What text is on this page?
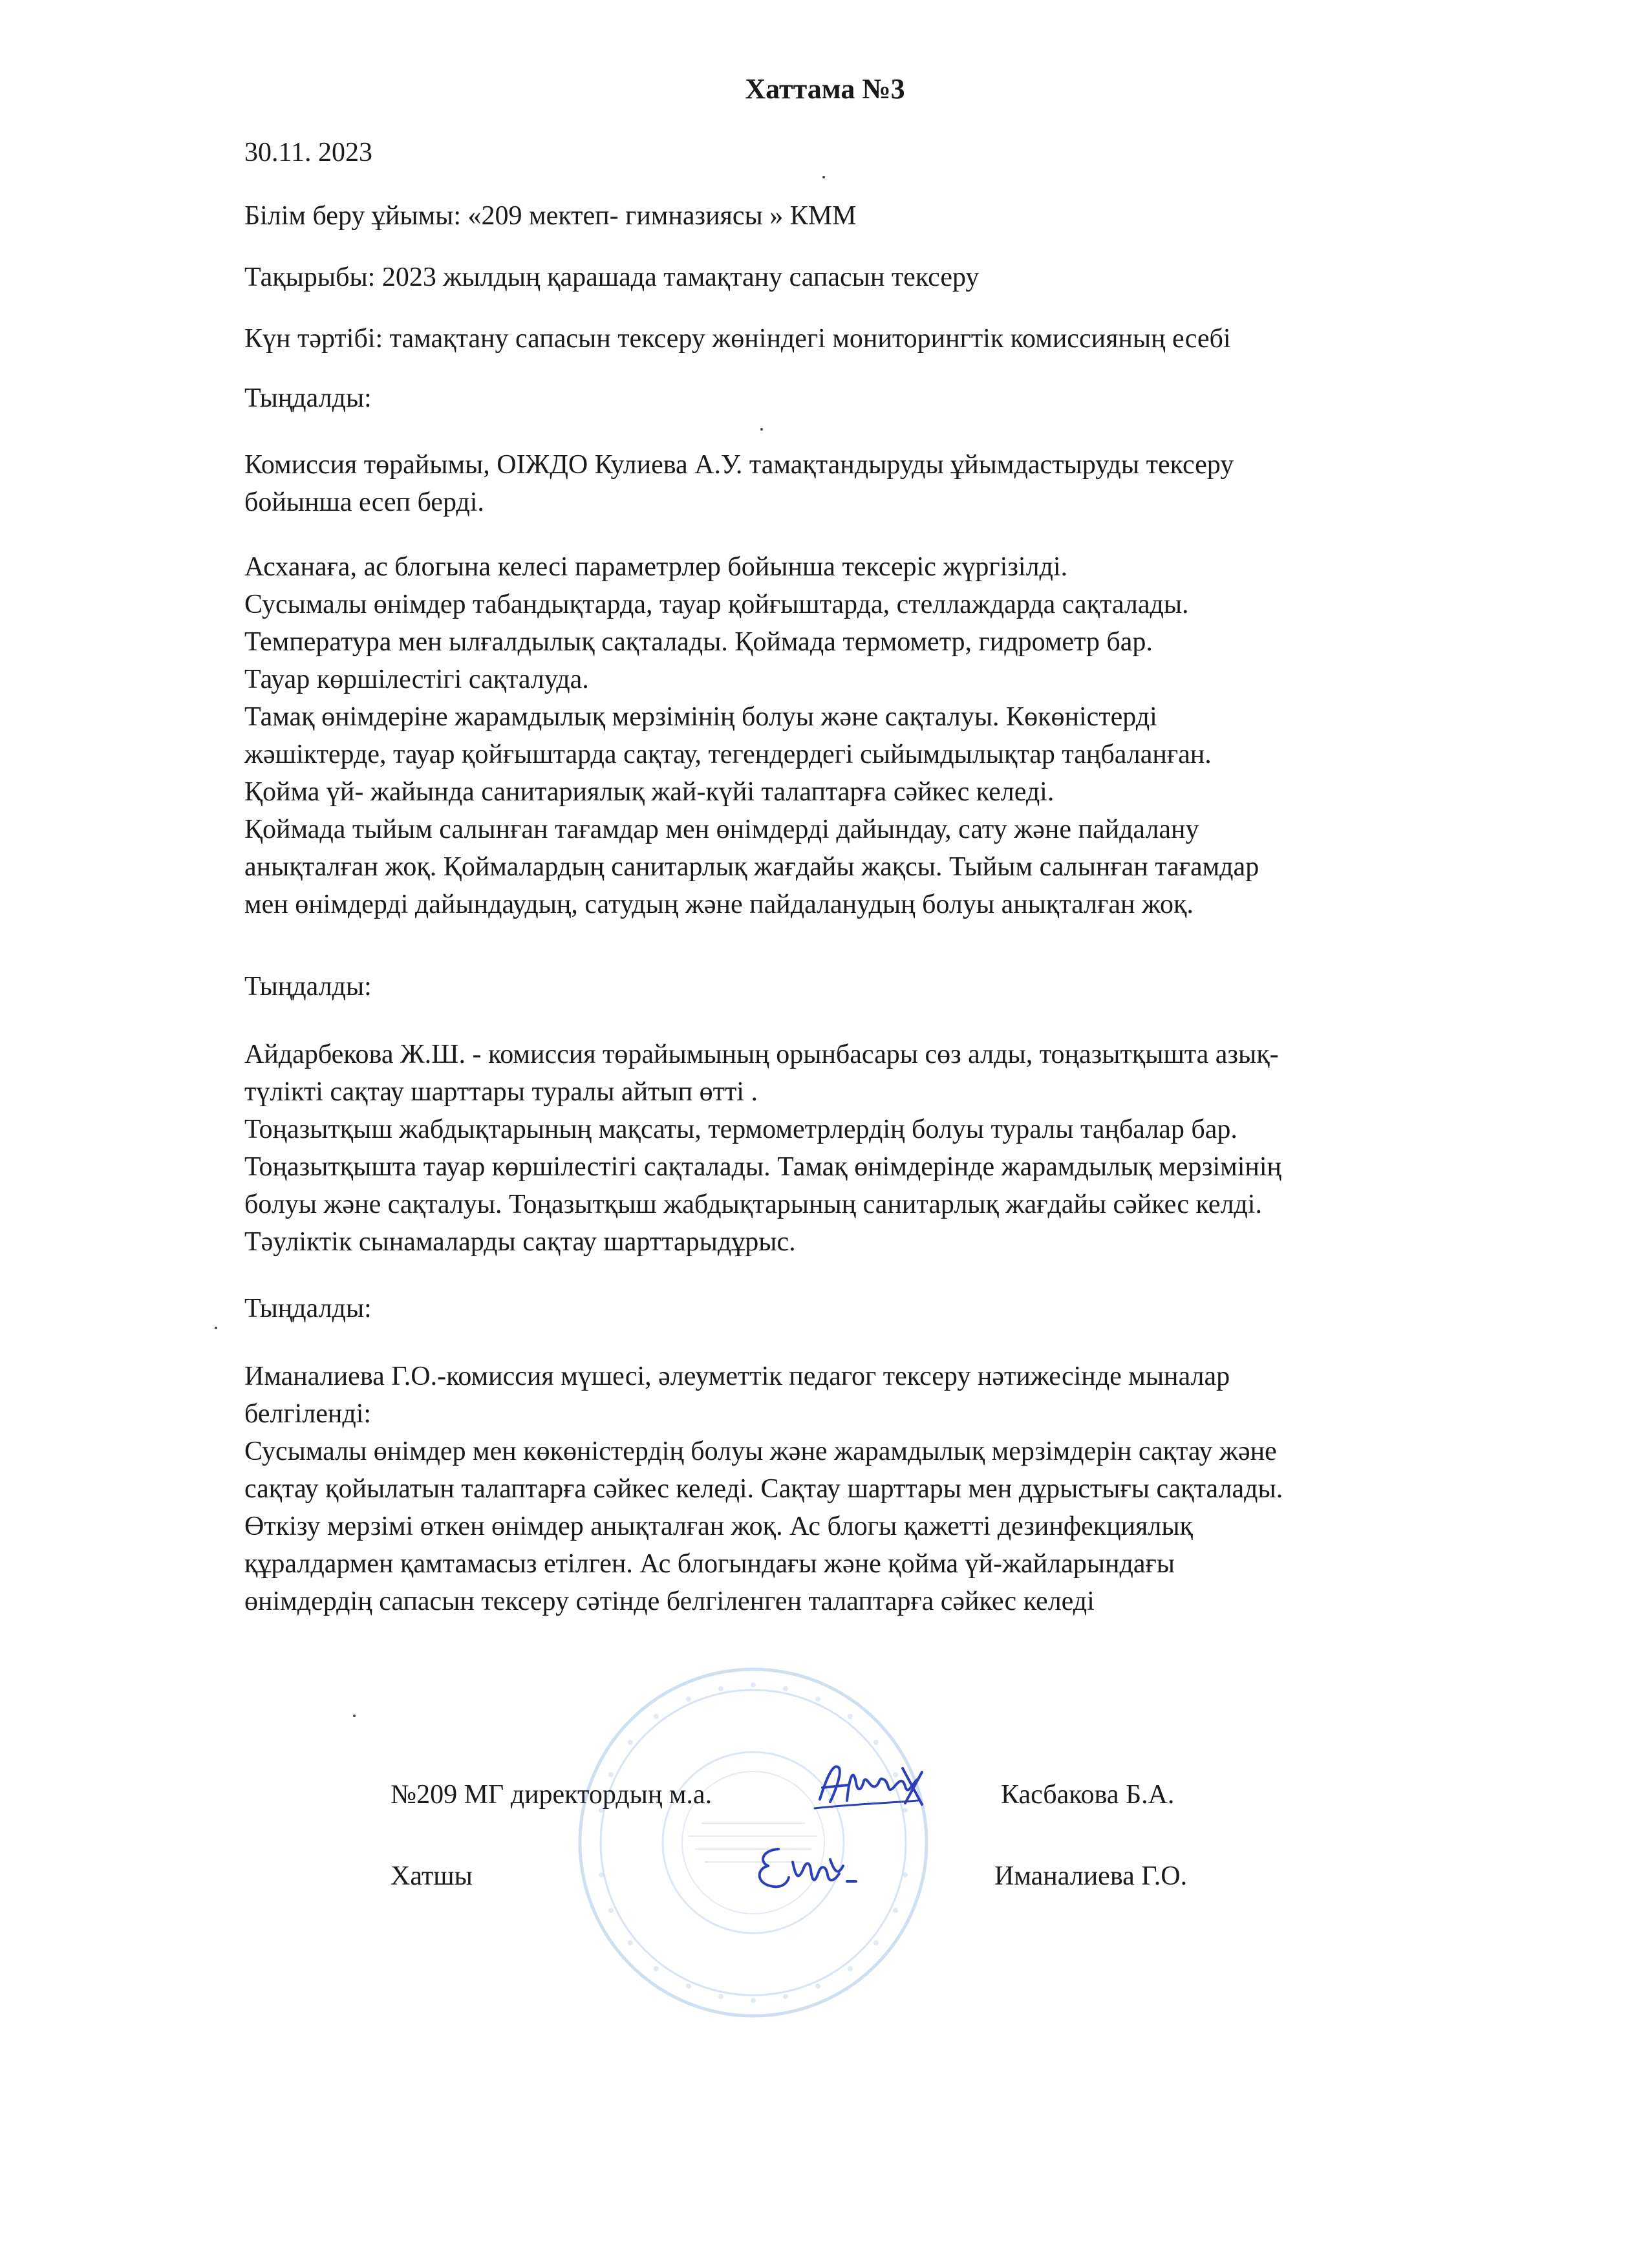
Хаттама №3

30.11. 2023

Білім беру ұйымы: «209 мектеп- гимназиясы » КММ

Тақырыбы: 2023 жылдың қарашада тамақтану сапасын тексеру

Күн тәртібі: тамақтану сапасын тексеру жөніндегі мониторингтік комиссияның есебі

Тыңдалды:

Комиссия төрайымы, ОІЖДО Кулиева А.У. тамақтандыруды ұйымдастыруды тексеру
бойынша есеп берді.

Асханаға, ас блогына келесі параметрлер бойынша тексеріс жүргізілді.
Сусымалы өнімдер табандықтарда, тауар қойғыштарда, стеллаждарда сақталады.
Температура мен ылғалдылық сақталады. Қоймада термометр, гидрометр бар.
Тауар көршілестігі сақталуда.
Тамақ өнімдеріне жарамдылық мерзімінің болуы және сақталуы. Көкөністерді
жәшіктерде, тауар қойғыштарда сақтау, тегендердегі сыйымдылықтар таңбаланған.
Қойма үй- жайында санитариялық жай-күйі талаптарға сәйкес келеді.
Қоймада тыйым салынған тағамдар мен өнімдерді дайындау, сату және пайдалану
анықталған жоқ. Қоймалардың санитарлық жағдайы жақсы. Тыйым салынған тағамдар
мен өнімдерді дайындаудың, сатудың және пайдаланудың болуы анықталған жоқ.

Тыңдалды:

Айдарбекова Ж.Ш. - комиссия төрайымының орынбасары сөз алды, тоңазытқышта азық-
түлікті сақтау шарттары туралы айтып өтті .
Тоңазытқыш жабдықтарының мақсаты, термометрлердің болуы туралы таңбалар бар.
Тоңазытқышта тауар көршілестігі сақталады. Тамақ өнімдерінде жарамдылық мерзімінің
болуы және сақталуы. Тоңазытқыш жабдықтарының санитарлық жағдайы сәйкес келді.
Тәуліктік сынамаларды сақтау шарттарыдұрыс.

Тыңдалды:

Иманалиева Г.О.-комиссия мүшесі, әлеуметтік педагог тексеру нәтижесінде мыналар
белгіленді:
Сусымалы өнімдер мен көкөністердің болуы және жарамдылық мерзімдерін сақтау және
сақтау қойылатын талаптарға сәйкес келеді. Сақтау шарттары мен дұрыстығы сақталады.
Өткізу мерзімі өткен өнімдер анықталған жоқ. Ас блогы қажетті дезинфекциялық
құралдармен қамтамасыз етілген. Ас блогындағы және қойма үй-жайларындағы
өнімдердің сапасын тексеру сәтінде белгіленген талаптарға сәйкес келеді

№209 МГ директордың м.а.	Касбакова Б.А.
Хатшы	Иманалиева Г.О.
